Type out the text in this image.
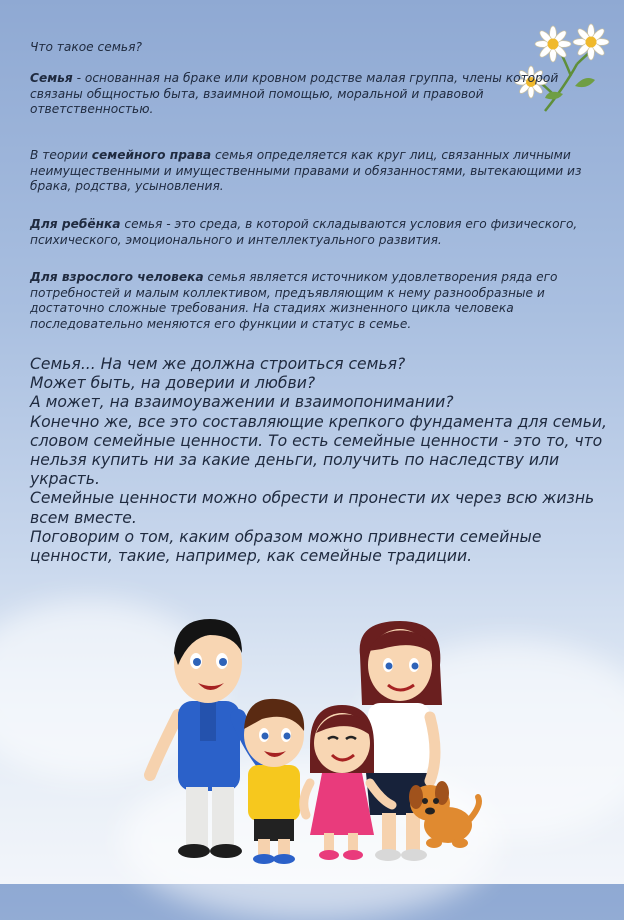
Что такое семья?

Семья - основанная на браке или кровном родстве малая группа, члены которой связаны общностью быта, взаимной помощью, моральной и правовой ответственностью.

В теории семейного права семья определяется как круг лиц, связанных личными неимущественными и имущественными правами и обязанностями, вытекающими из брака, родства, усыновления.

Для ребёнка семья - это среда, в которой складываются условия его физического, психического, эмоционального и интеллектуального развития.

Для взрослого человека семья является источником удовлетворения ряда его потребностей и малым коллективом, предъявляющим к нему разнообразные и достаточно сложные требования. На стадиях жизненного цикла человека последовательно меняются его функции и статус в семье.

Семья... На чем же должна строиться семья?

Может быть, на доверии и любви?

А может, на взаимоуважении и взаимопонимании?

Конечно же, все это составляющие крепкого фундамента для семьи, словом семейные ценности. То есть семейные ценности - это то, что нельзя купить ни за какие деньги, получить по наследству или украсть.

Семейные ценности можно обрести и пронести их через всю жизнь всем вместе.

Поговорим о том, каким образом можно привнести семейные ценности, такие, например, как семейные традиции.
